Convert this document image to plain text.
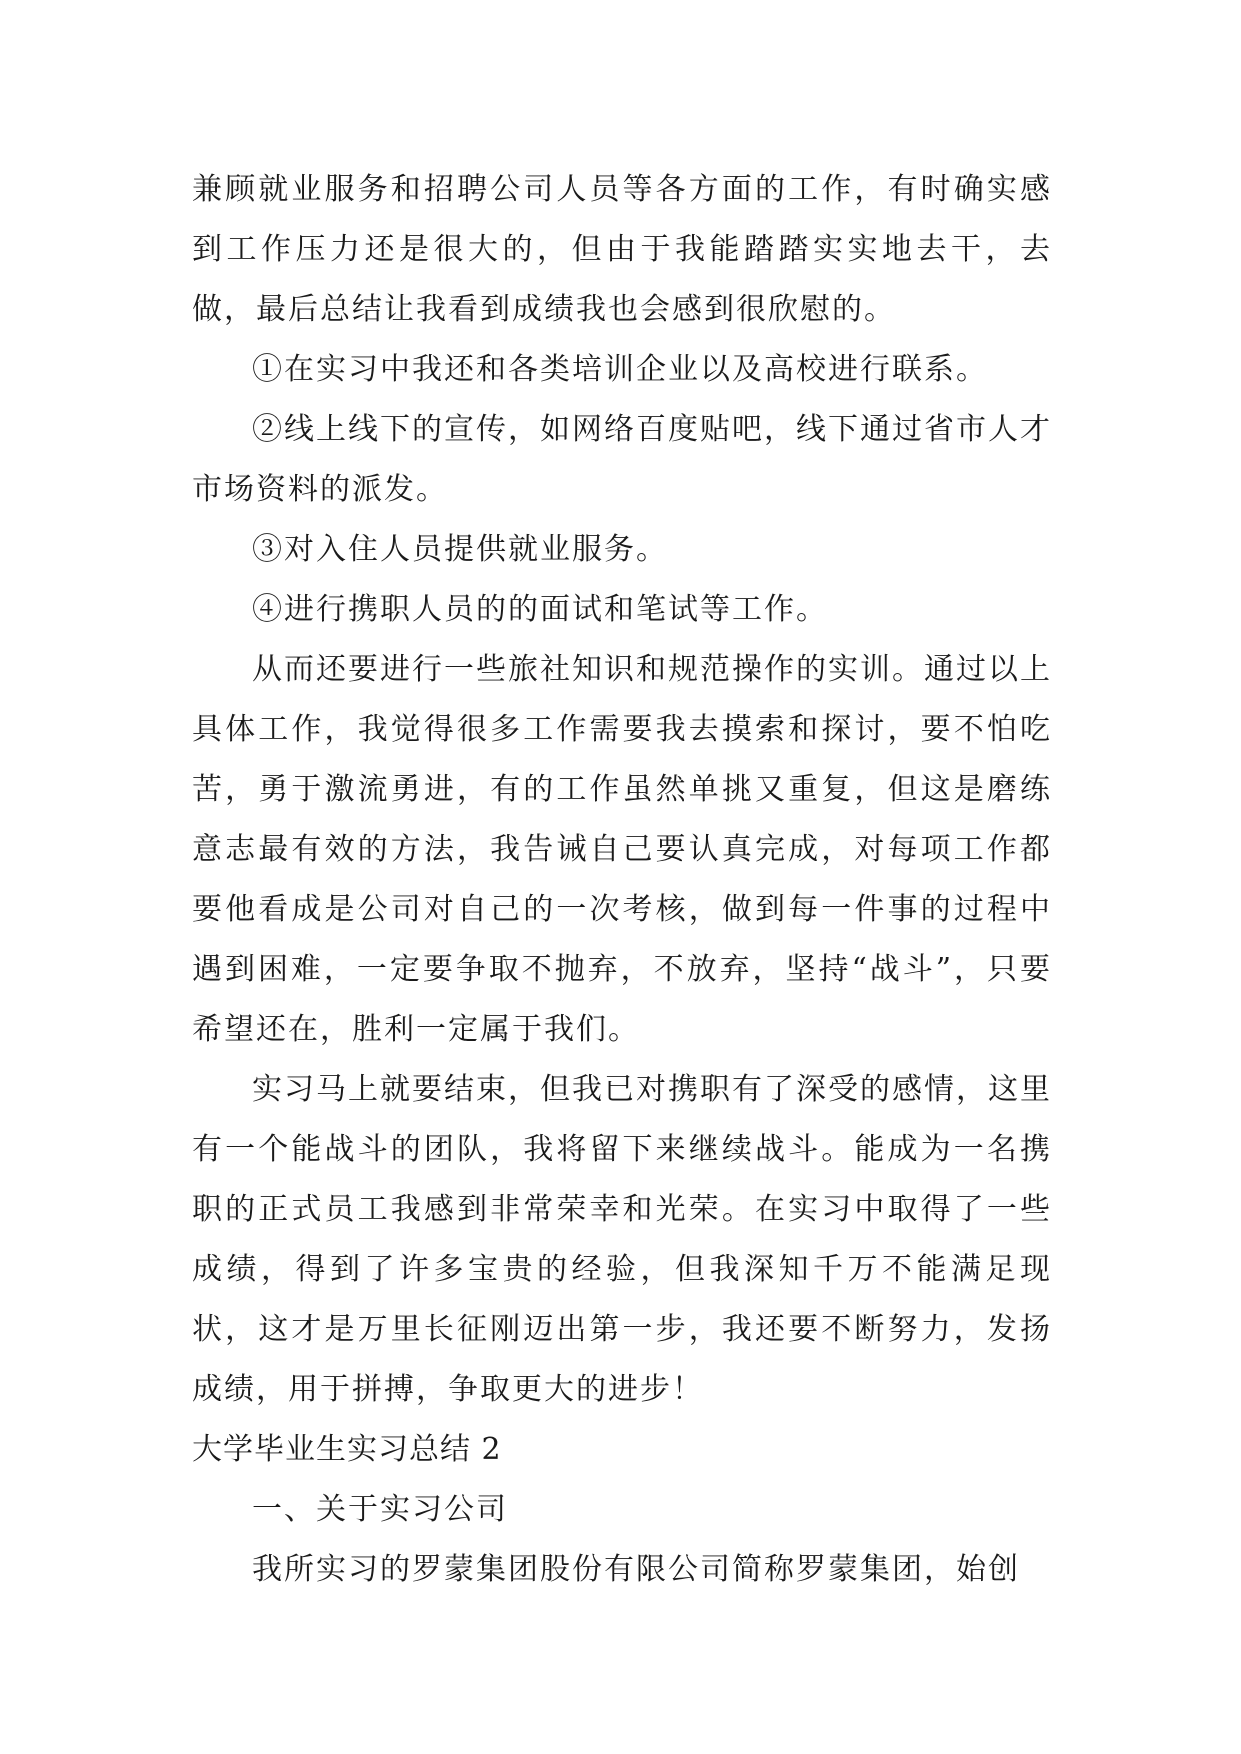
兼顾就业服务和招聘公司人员等各方面的工作，有时确实感到工作压力还是很大的，但由于我能踏踏实实地去干，去做，最后总结让我看到成绩我也会感到很欣慰的。

①在实习中我还和各类培训企业以及高校进行联系。

②线上线下的宣传，如网络百度贴吧，线下通过省市人才市场资料的派发。

③对入住人员提供就业服务。

④进行携职人员的的面试和笔试等工作。

从而还要进行一些旅社知识和规范操作的实训。通过以上具体工作，我觉得很多工作需要我去摸索和探讨，要不怕吃苦，勇于激流勇进，有的工作虽然单挑又重复，但这是磨练意志最有效的方法，我告诫自己要认真完成，对每项工作都要他看成是公司对自己的一次考核，做到每一件事的过程中遇到困难，一定要争取不抛弃，不放弃，坚持“战斗”，只要希望还在，胜利一定属于我们。

实习马上就要结束，但我已对携职有了深受的感情，这里有一个能战斗的团队，我将留下来继续战斗。能成为一名携职的正式员工我感到非常荣幸和光荣。在实习中取得了一些成绩，得到了许多宝贵的经验，但我深知千万不能满足现状，这才是万里长征刚迈出第一步，我还要不断努力，发扬成绩，用于拼搏，争取更大的进步！

大学毕业生实习总结 2

一、关于实习公司

我所实习的罗蒙集团股份有限公司简称罗蒙集团，始创
